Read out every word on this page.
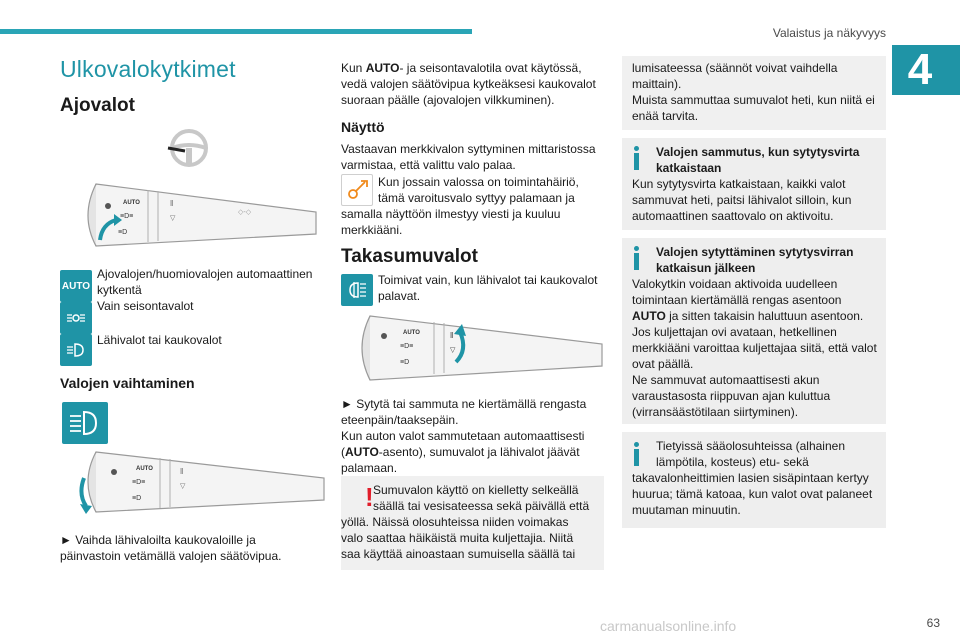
Valaistus ja näkyvyys
4
Ulkovalokytkimet
Ajovalot
AUTO
≡D≡
≡D
‖
▽
◇-◇
AUTO
Ajovalojen/huomiovalojen automaattinen
kytkentä
Vain seisontavalot
Lähivalot tai kaukovalot
Valojen vaihtaminen
AUTO
≡D≡
≡D
‖
▽
► Vaihda lähivaloilta kaukovaloille ja
päinvastoin vetämällä valojen säätövipua.
Kun AUTO- ja seisontavalotila ovat käytössä,
vedä valojen säätövipua kytkeäksesi kaukovalot
suoraan päälle (ajovalojen vilkkuminen).
Näyttö
Vastaavan merkkivalon syttyminen mittaristossa
varmistaa, että valittu valo palaa.
Kun jossain valossa on toimintahäiriö,
tämä varoitusvalo syttyy palamaan ja
samalla näyttöön ilmestyy viesti ja kuuluu
merkkiääni.
Takasumuvalot
Toimivat vain, kun lähivalot tai kaukovalot
palavat.
AUTO
≡D≡
≡D
‖
▽
► Sytytä tai sammuta ne kiertämällä rengasta
eteenpäin/taaksepäin.
Kun auton valot sammutetaan automaattisesti
(AUTO-asento), sumuvalot ja lähivalot jäävät
palamaan.
! Sumuvalon käyttö on kielletty selkeällä
säällä tai vesisateessa sekä päivällä että
yöllä. Näissä olosuhteissa niiden voimakas
valo saattaa häikäistä muita kuljettajia. Niitä
saa käyttää ainoastaan sumuisella säällä tai
lumisateessa (säännöt voivat vaihdella
maittain).
Muista sammuttaa sumuvalot heti, kun niitä ei
enää tarvita.
Valojen sammutus, kun sytytysvirta
katkaistaan
Kun sytytysvirta katkaistaan, kaikki valot
sammuvat heti, paitsi lähivalot silloin, kun
automaattinen saattovalo on aktivoitu.
Valojen sytyttäminen sytytysvirran
katkaisun jälkeen
Valokytkin voidaan aktivoida uudelleen
toimintaan kiertämällä rengas asentoon
AUTO ja sitten takaisin haluttuun asentoon.
Jos kuljettajan ovi avataan, hetkellinen
merkkiääni varoittaa kuljettajaa siitä, että valot
ovat päällä.
Ne sammuvat automaattisesti akun
varaustasosta riippuvan ajan kuluttua
(virransäästötilaan siirtyminen).
Tietyissä sääolosuhteissa (alhainen
lämpötila, kosteus) etu- sekä
takavalonheittimien lasien sisäpintaan kertyy
huurua; tämä katoaa, kun valot ovat palaneet
muutaman minuutin.
carmanualsonline.info	63
